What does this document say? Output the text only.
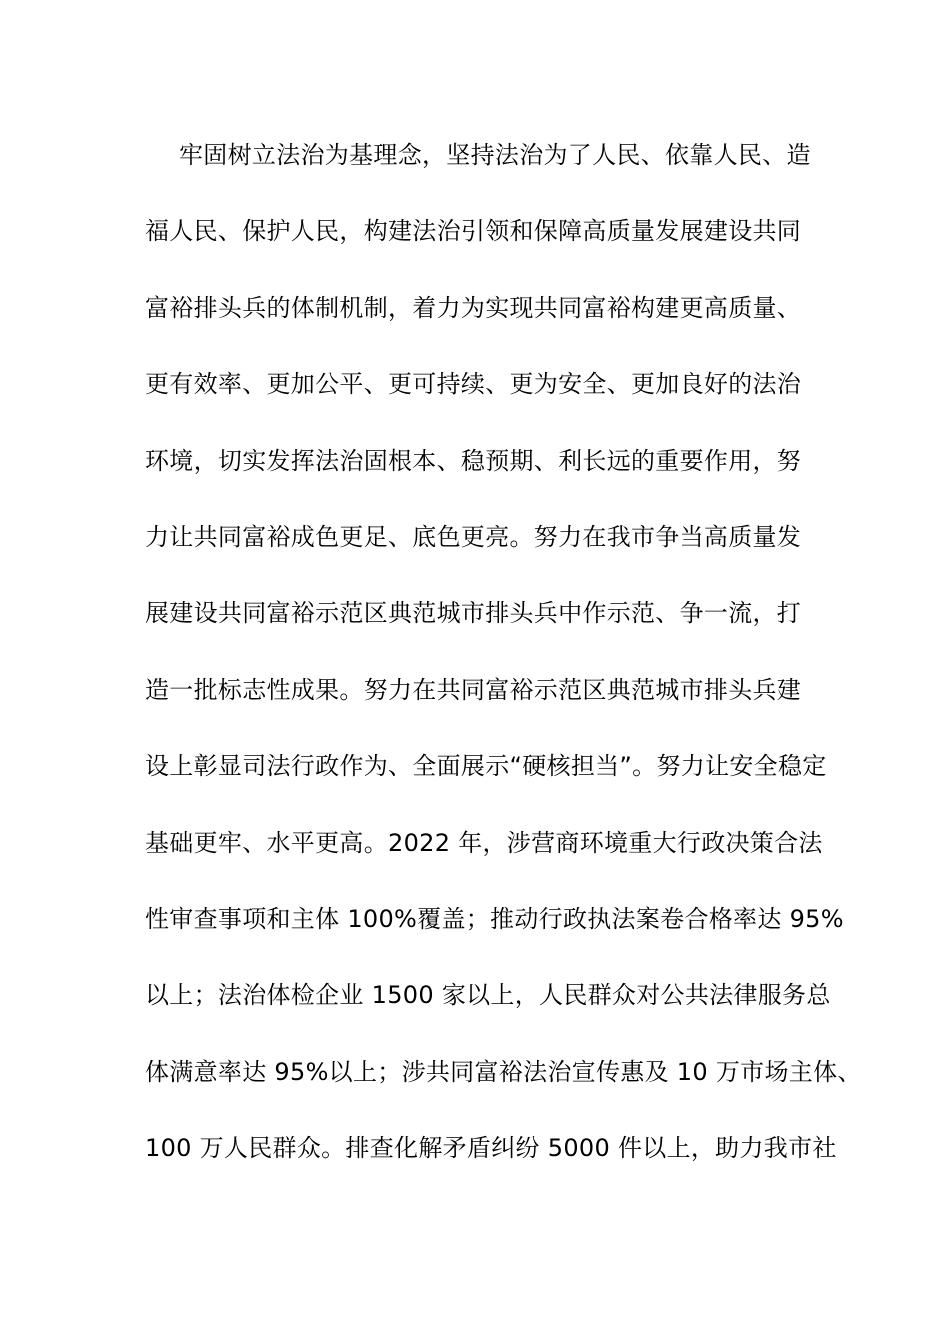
牢固树立法治为基理念，坚持法治为了人民、依靠人民、造
福人民、保护人民，构建法治引领和保障高质量发展建设共同
富裕排头兵的体制机制，着力为实现共同富裕构建更高质量、
更有效率、更加公平、更可持续、更为安全、更加良好的法治
环境，切实发挥法治固根本、稳预期、利长远的重要作用，努
力让共同富裕成色更足、底色更亮。努力在我市争当高质量发
展建设共同富裕示范区典范城市排头兵中作示范、争一流，打
造一批标志性成果。努力在共同富裕示范区典范城市排头兵建
设上彰显司法行政作为、全面展示“硬核担当”。努力让安全稳定
基础更牢、水平更高。2022 年，涉营商环境重大行政决策合法
性审查事项和主体 100%覆盖；推动行政执法案卷合格率达 95%
以上；法治体检企业 1500 家以上，人民群众对公共法律服务总
体满意率达 95%以上；涉共同富裕法治宣传惠及 10 万市场主体、
100 万人民群众。排查化解矛盾纠纷 5000 件以上，助力我市社
